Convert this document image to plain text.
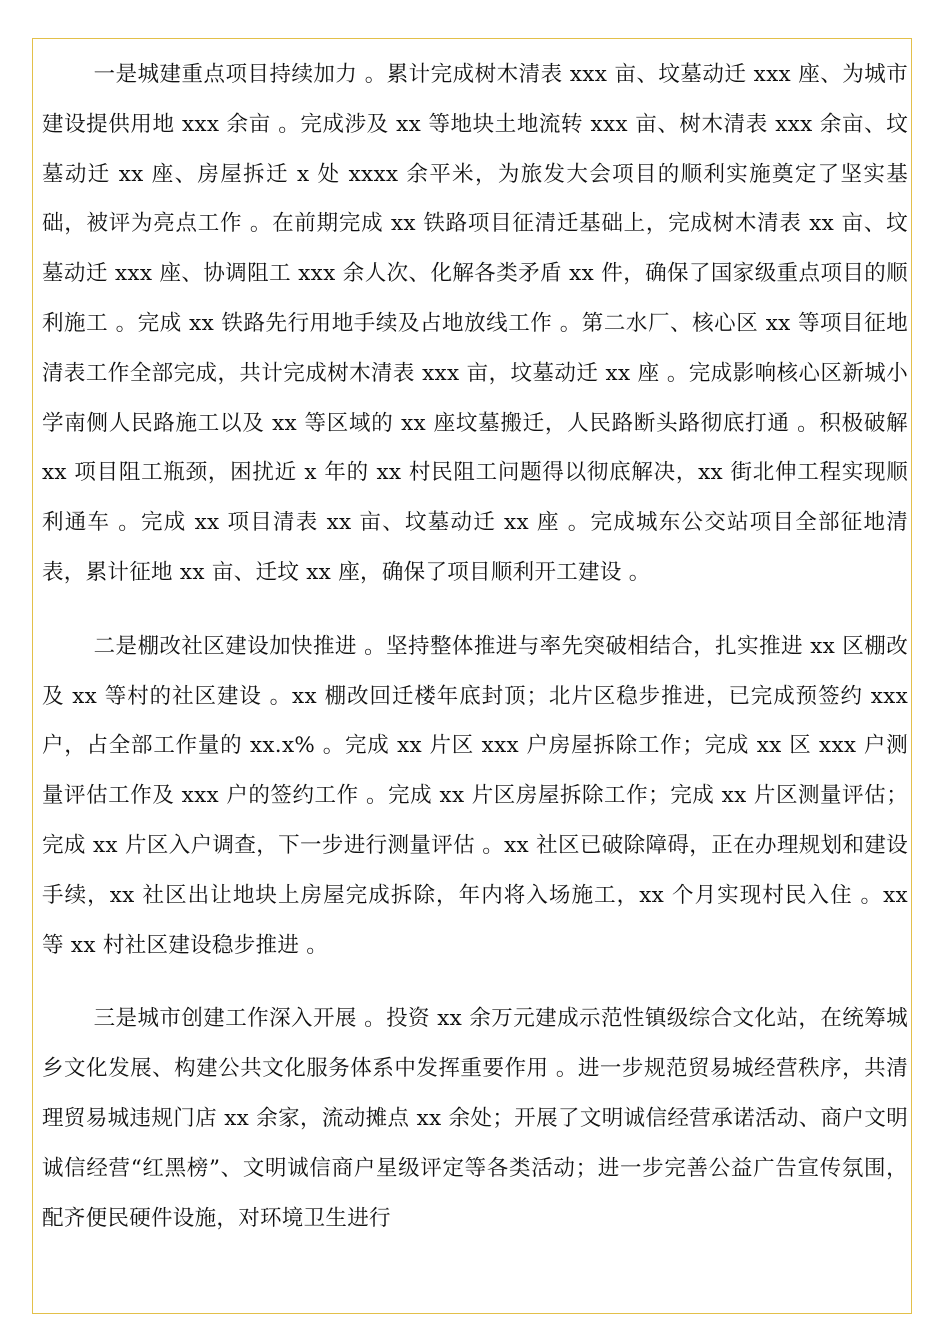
一是城建重点项目持续加力 。累计完成树木清表 xxx 亩、坟墓动迁 xxx 座、为城市建设提供用地 xxx 余亩 。完成涉及 xx 等地块土地流转 xxx 亩、树木清表 xxx 余亩、坟墓动迁 xx 座、房屋拆迁 x 处 xxxx 余平米，为旅发大会项目的顺利实施奠定了坚实基础，被评为亮点工作 。在前期完成 xx 铁路项目征清迁基础上，完成树木清表 xx 亩、坟墓动迁 xxx 座、协调阻工 xxx 余人次、化解各类矛盾 xx 件，确保了国家级重点项目的顺利施工 。完成 xx 铁路先行用地手续及占地放线工作 。第二水厂、核心区 xx 等项目征地清表工作全部完成，共计完成树木清表 xxx 亩，坟墓动迁 xx 座 。完成影响核心区新城小学南侧人民路施工以及 xx 等区域的 xx 座坟墓搬迁，人民路断头路彻底打通 。积极破解 xx 项目阻工瓶颈，困扰近 x 年的 xx 村民阻工问题得以彻底解决，xx 街北伸工程实现顺利通车 。完成 xx 项目清表 xx 亩、坟墓动迁 xx 座 。完成城东公交站项目全部征地清表，累计征地 xx 亩、迁坟 xx 座，确保了项目顺利开工建设 。

二是棚改社区建设加快推进 。坚持整体推进与率先突破相结合，扎实推进 xx 区棚改及 xx 等村的社区建设 。xx 棚改回迁楼年底封顶；北片区稳步推进，已完成预签约 xxx 户，占全部工作量的 xx.x% 。完成 xx 片区 xxx 户房屋拆除工作；完成 xx 区 xxx 户测量评估工作及 xxx 户的签约工作 。完成 xx 片区房屋拆除工作；完成 xx 片区测量评估；完成 xx 片区入户调查，下一步进行测量评估 。xx 社区已破除障碍，正在办理规划和建设手续，xx 社区出让地块上房屋完成拆除，年内将入场施工，xx 个月实现村民入住 。xx 等 xx 村社区建设稳步推进 。

三是城市创建工作深入开展 。投资 xx 余万元建成示范性镇级综合文化站，在统筹城乡文化发展、构建公共文化服务体系中发挥重要作用 。进一步规范贸易城经营秩序，共清理贸易城违规门店 xx 余家，流动摊点 xx 余处；开展了文明诚信经营承诺活动、商户文明诚信经营“红黑榜”、文明诚信商户星级评定等各类活动；进一步完善公益广告宣传氛围，配齐便民硬件设施，对环境卫生进行
